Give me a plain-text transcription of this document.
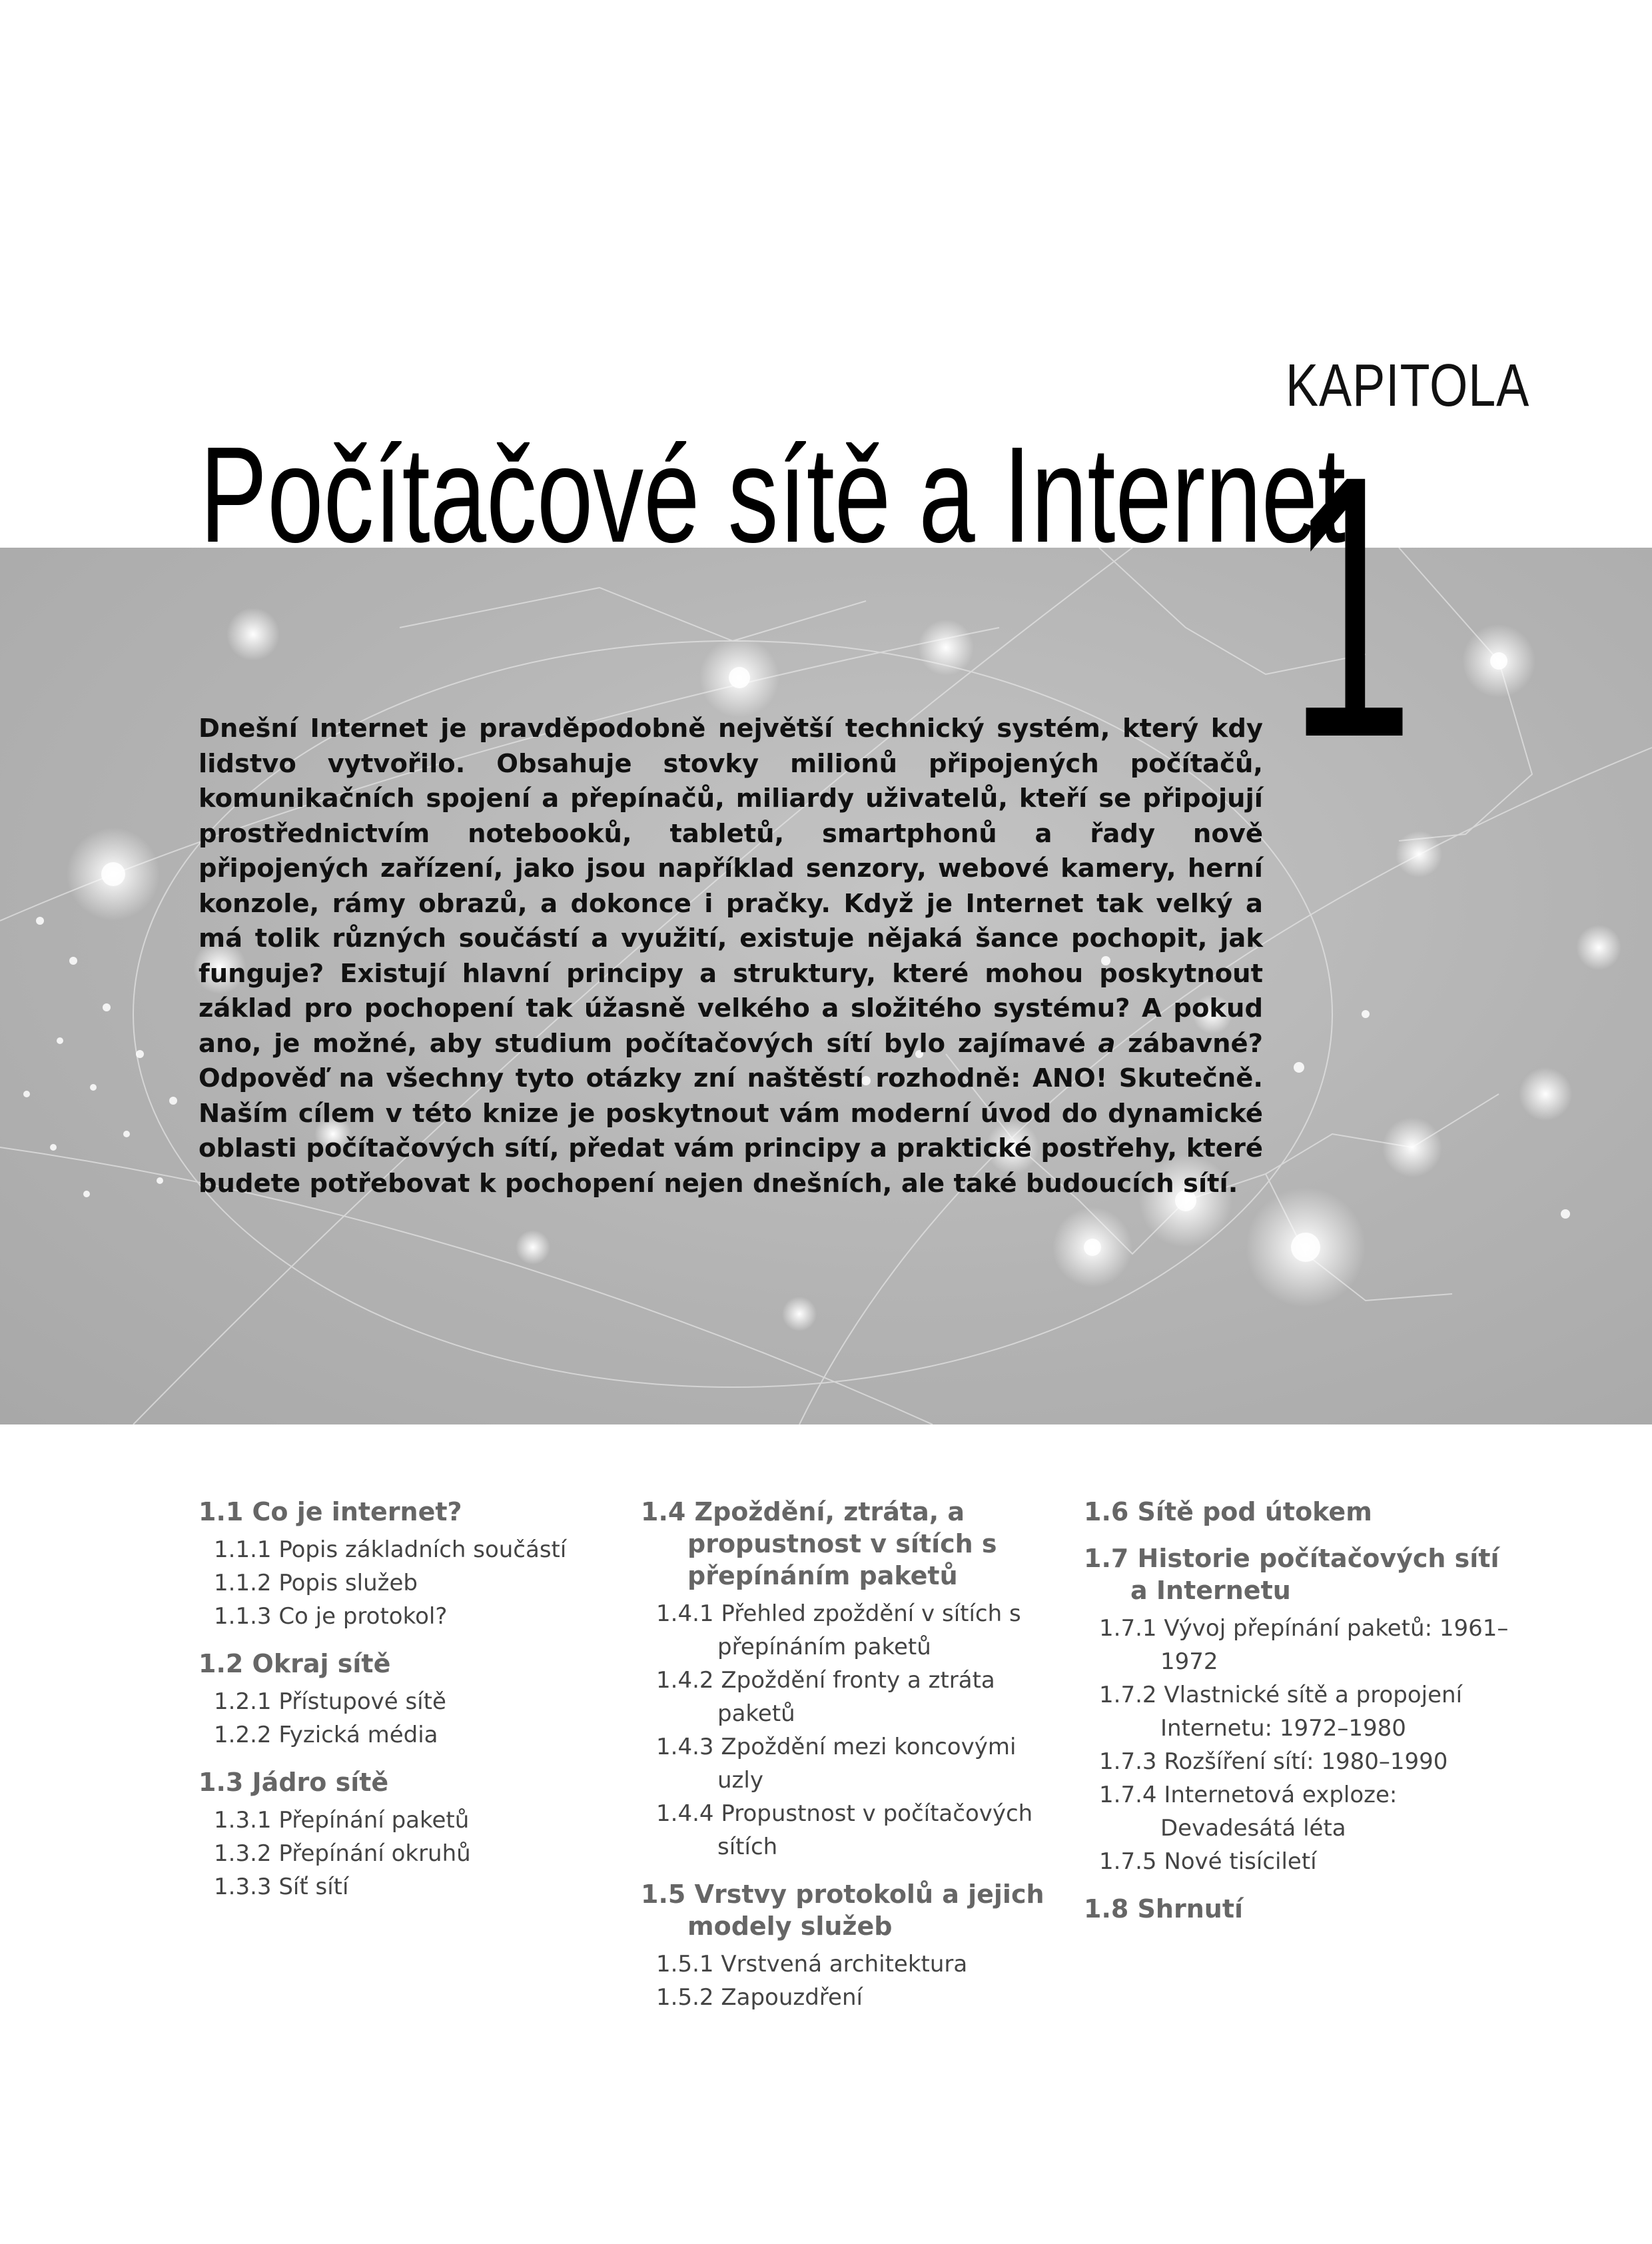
KAPITOLA
1
Počítačové sítě a Internet

Dnešní Internet je pravděpodobně největší technický systém, který kdy lidstvo vytvořilo. Obsahuje stovky milionů připojených počítačů, komunikačních spojení a přepínačů, miliardy uživatelů, kteří se připojují prostřednictvím notebooků, tabletů, smartphonů a řady nově připojených zařízení, jako jsou například senzory, webové kamery, herní konzole, rámy obrazů, a dokonce i pračky. Když je Internet tak velký a má tolik různých součástí a využití, existuje nějaká šance pochopit, jak funguje? Existují hlavní principy a struktury, které mohou poskytnout základ pro pochopení tak úžasně velkého a složitého systému? A pokud ano, je možné, aby studium počítačových sítí bylo zajímavé a zábavné? Odpověď na všechny tyto otázky zní naštěstí rozhodně: ANO! Skutečně. Naším cílem v této knize je poskytnout vám moderní úvod do dynamické oblasti počítačových sítí, předat vám principy a praktické postřehy, které budete potřebovat k pochopení nejen dnešních, ale také budoucích sítí.

1.1 Co je internet?

1.1.1 Popis základních součástí

1.1.2 Popis služeb

1.1.3 Co je protokol?

1.2 Okraj sítě

1.2.1 Přístupové sítě

1.2.2 Fyzická média

1.3 Jádro sítě

1.3.1 Přepínání paketů

1.3.2 Přepínání okruhů

1.3.3 Síť sítí

1.4 Zpoždění, ztráta, a propustnost v sítích s přepínáním paketů

1.4.1 Přehled zpoždění v sítích s přepínáním paketů

1.4.2 Zpoždění fronty a ztráta paketů

1.4.3 Zpoždění mezi koncovými uzly

1.4.4 Propustnost v počítačových sítích

1.5 Vrstvy protokolů a jejich modely služeb

1.5.1 Vrstvená architektura

1.5.2 Zapouzdření

1.6 Sítě pod útokem

1.7 Historie počítačových sítí a Internetu

1.7.1 Vývoj přepínání paketů: 1961–1972

1.7.2 Vlastnické sítě a propojení Internetu: 1972–1980

1.7.3 Rozšíření sítí: 1980–1990

1.7.4 Internetová exploze: Devadesátá léta

1.7.5 Nové tisíciletí

1.8 Shrnutí
